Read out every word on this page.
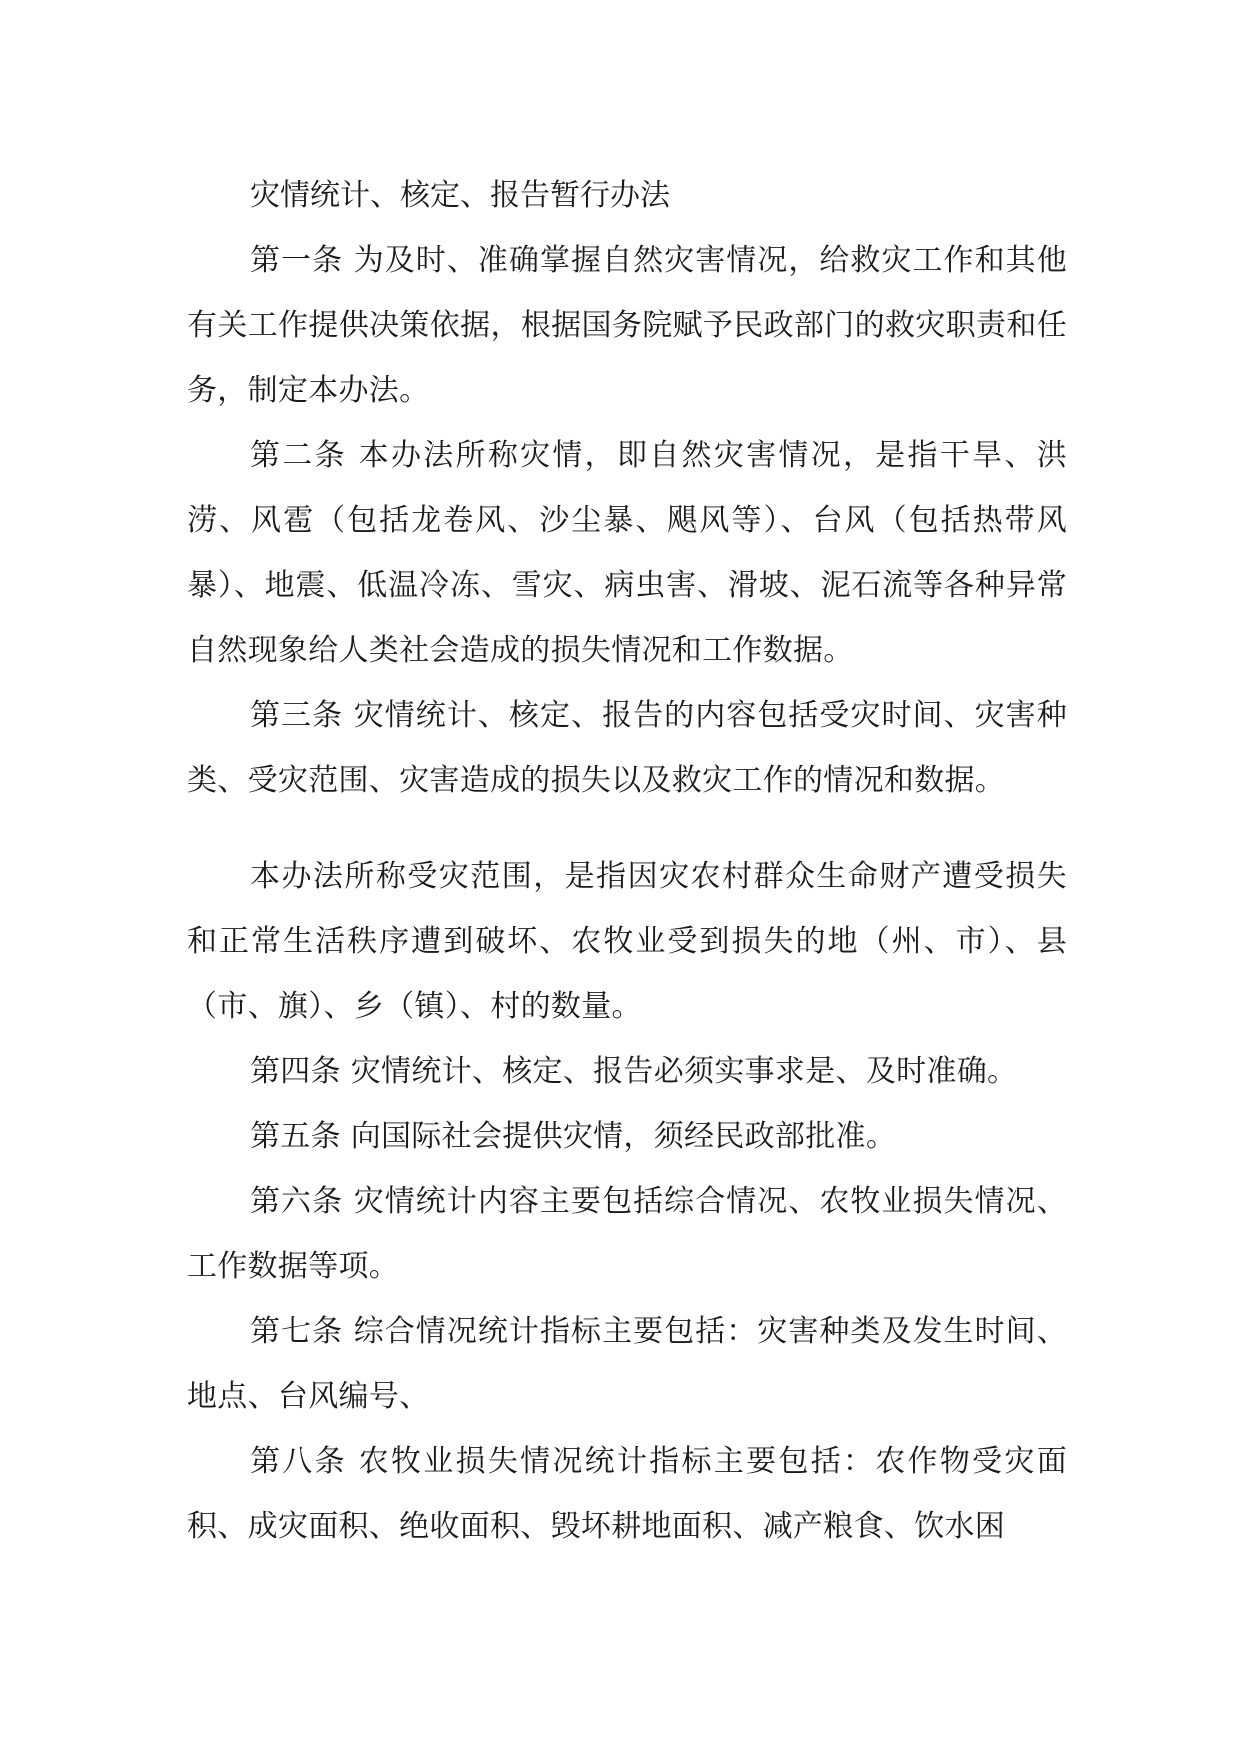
灾情统计、核定、报告暂行办法

第一条 为及时、准确掌握自然灾害情况，给救灾工作和其他有关工作提供决策依据，根据国务院赋予民政部门的救灾职责和任务，制定本办法。

第二条 本办法所称灾情，即自然灾害情况，是指干旱、洪涝、风雹（包括龙卷风、沙尘暴、飓风等）、台风（包括热带风暴）、地震、低温冷冻、雪灾、病虫害、滑坡、泥石流等各种异常自然现象给人类社会造成的损失情况和工作数据。

第三条 灾情统计、核定、报告的内容包括受灾时间、灾害种类、受灾范围、灾害造成的损失以及救灾工作的情况和数据。

本办法所称受灾范围，是指因灾农村群众生命财产遭受损失和正常生活秩序遭到破坏、农牧业受到损失的地（州、市）、县（市、旗）、乡（镇）、村的数量。

第四条 灾情统计、核定、报告必须实事求是、及时准确。

第五条 向国际社会提供灾情，须经民政部批准。

第六条 灾情统计内容主要包括综合情况、农牧业损失情况、工作数据等项。

第七条 综合情况统计指标主要包括：灾害种类及发生时间、地点、台风编号、

第八条 农牧业损失情况统计指标主要包括：农作物受灾面积、成灾面积、绝收面积、毁坏耕地面积、减产粮食、饮水困
